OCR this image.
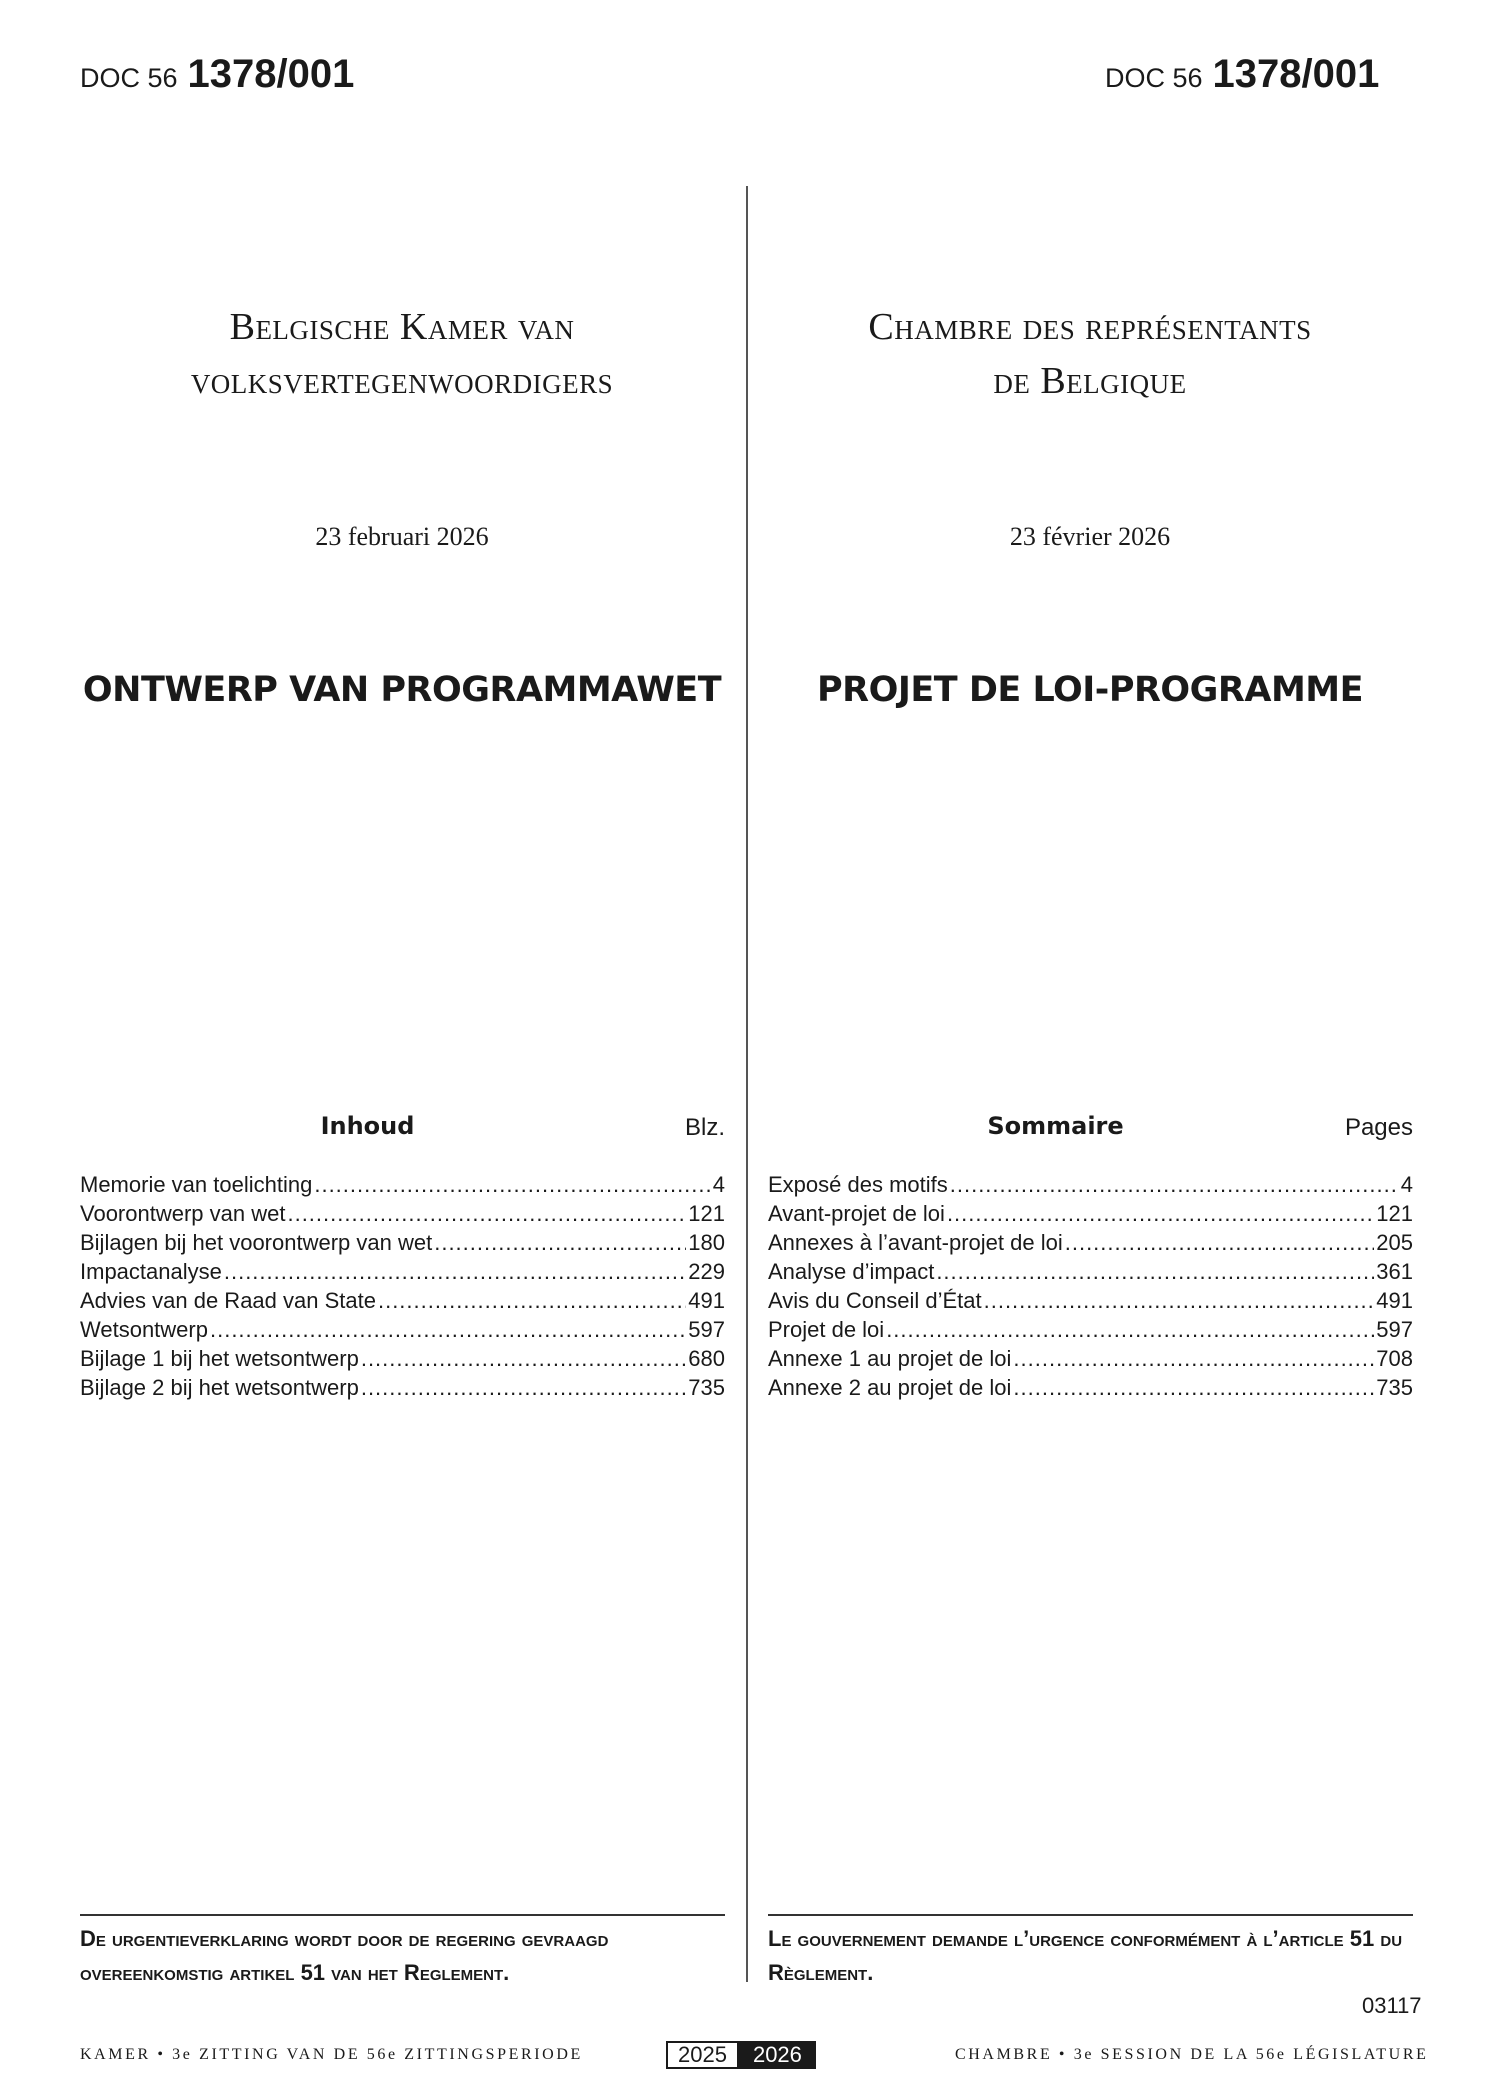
DOC 56 1378/001	DOC 56 1378/001
Belgische Kamer van
volksvertegenwoordigers
Chambre des représentants
de Belgique
23 februari 2026	23 février 2026
ONTWERP VAN PROGRAMMAWET	PROJET DE LOI-PROGRAMME
Inhoud	Blz.
Memorie van toelichting .....	4
Voorontwerp van wet .....	121
Bijlagen bij het voorontwerp van wet .....	180
Impactanalyse .....	229
Advies van de Raad van State .....	491
Wetsontwerp .....	597
Bijlage 1 bij het wetsontwerp .....	680
Bijlage 2 bij het wetsontwerp .....	735
Sommaire	Pages
Exposé des motifs .....	4
Avant-projet de loi .....	121
Annexes à l’avant-projet de loi .....	205
Analyse d’impact .....	361
Avis du Conseil d’État .....	491
Projet de loi .....	597
Annexe 1 au projet de loi .....	708
Annexe 2 au projet de loi .....	735
De urgentieverklaring wordt door de regering gevraagd overeenkomstig artikel 51 van het Reglement.
Le gouvernement demande l’urgence conformément à l’article 51 du Règlement.
03117
KAMER • 3e ZITTING VAN DE 56e ZITTINGSPERIODE	2025	2026	CHAMBRE • 3e SESSION DE LA 56e LÉGISLATURE
